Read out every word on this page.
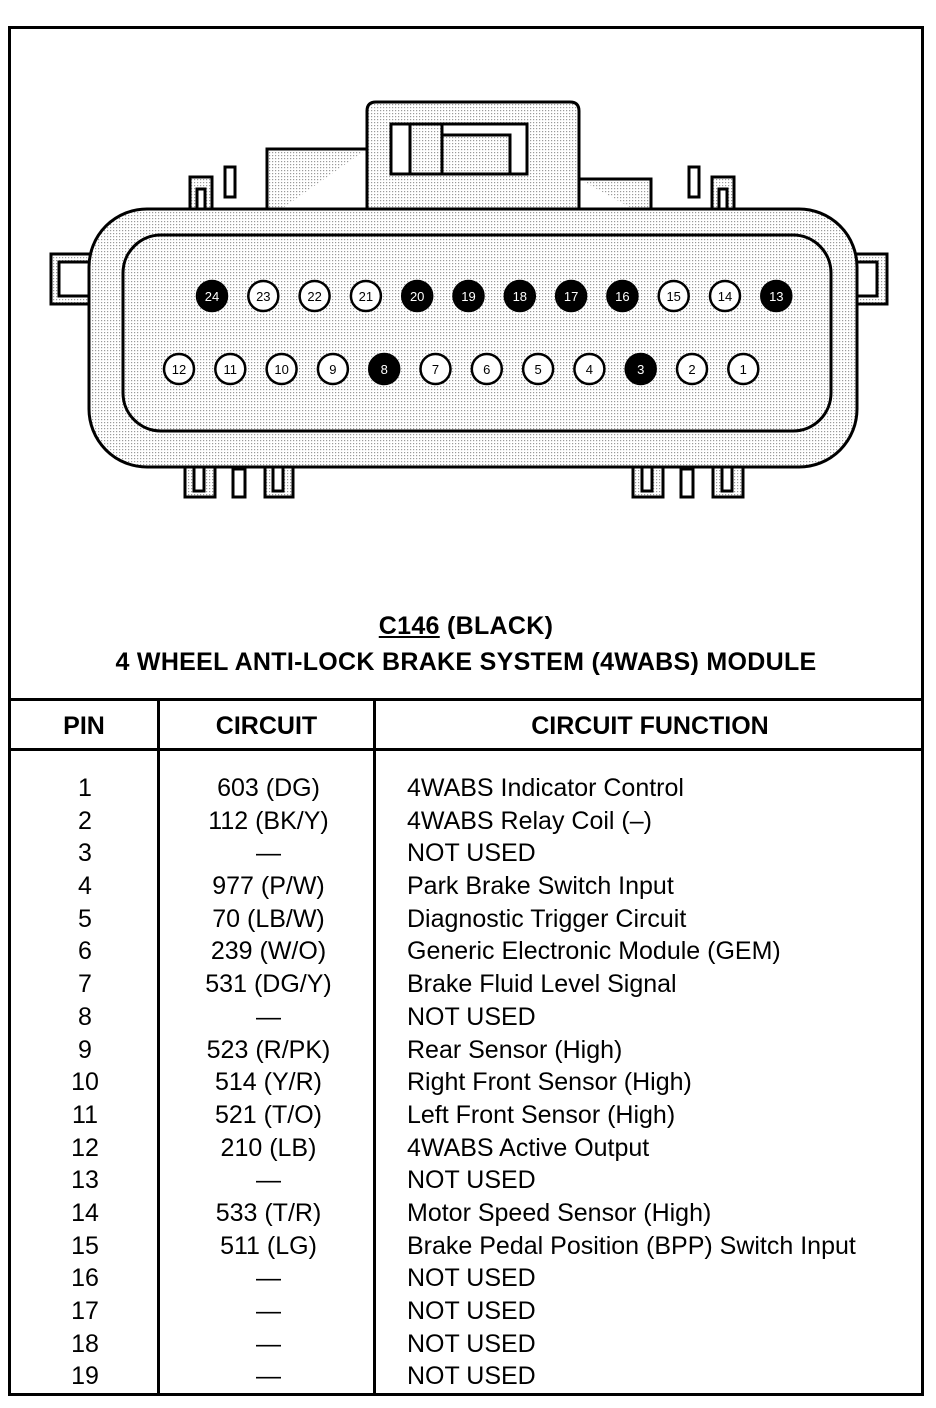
24	23	22	21	20	19	18	17	16	15	14	13
12	11	10	9	8	7	6	5	4	3	2	1
C146 (BLACK)
4 WHEEL ANTI-LOCK BRAKE SYSTEM (4WABS) MODULE
PIN	CIRCUIT	CIRCUIT FUNCTION
1	603 (DG)	4WABS Indicator Control
2	112 (BK/Y)	4WABS Relay Coil (–)
3	—	NOT USED
4	977 (P/W)	Park Brake Switch Input
5	70 (LB/W)	Diagnostic Trigger Circuit
6	239 (W/O)	Generic Electronic Module (GEM)
7	531 (DG/Y)	Brake Fluid Level Signal
8	—	NOT USED
9	523 (R/PK)	Rear Sensor (High)
10	514 (Y/R)	Right Front Sensor (High)
11	521 (T/O)	Left Front Sensor (High)
12	210 (LB)	4WABS Active Output
13	—	NOT USED
14	533 (T/R)	Motor Speed Sensor (High)
15	511 (LG)	Brake Pedal Position (BPP) Switch Input
16	—	NOT USED
17	—	NOT USED
18	—	NOT USED
19	—	NOT USED
